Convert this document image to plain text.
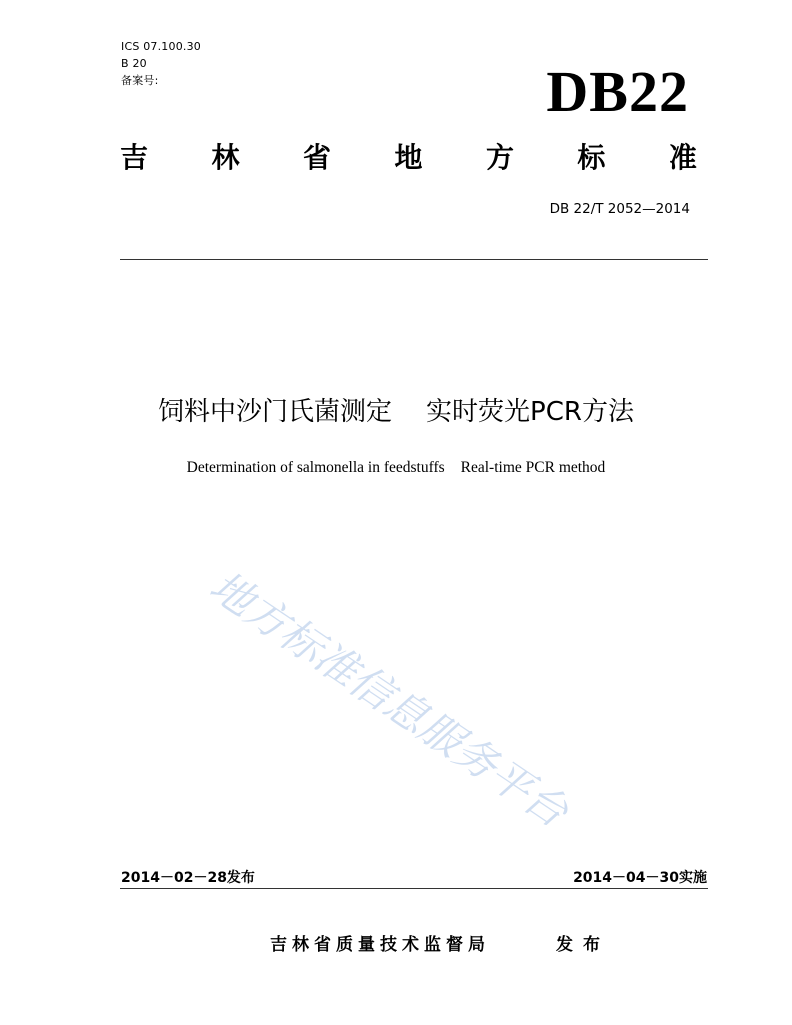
ICS 07.100.30
B 20
备案号:	DB22
吉 林 省 地 方 标 准
DB 22/T 2052—2014
饲料中沙门氏菌测定 实时荧光PCR方法
Determination of salmonella in feedstuffs Real-time PCR method
地方标准信息服务平台
2014－02－28发布	2014－04－30实施
吉林省质量技术监督局	发布
